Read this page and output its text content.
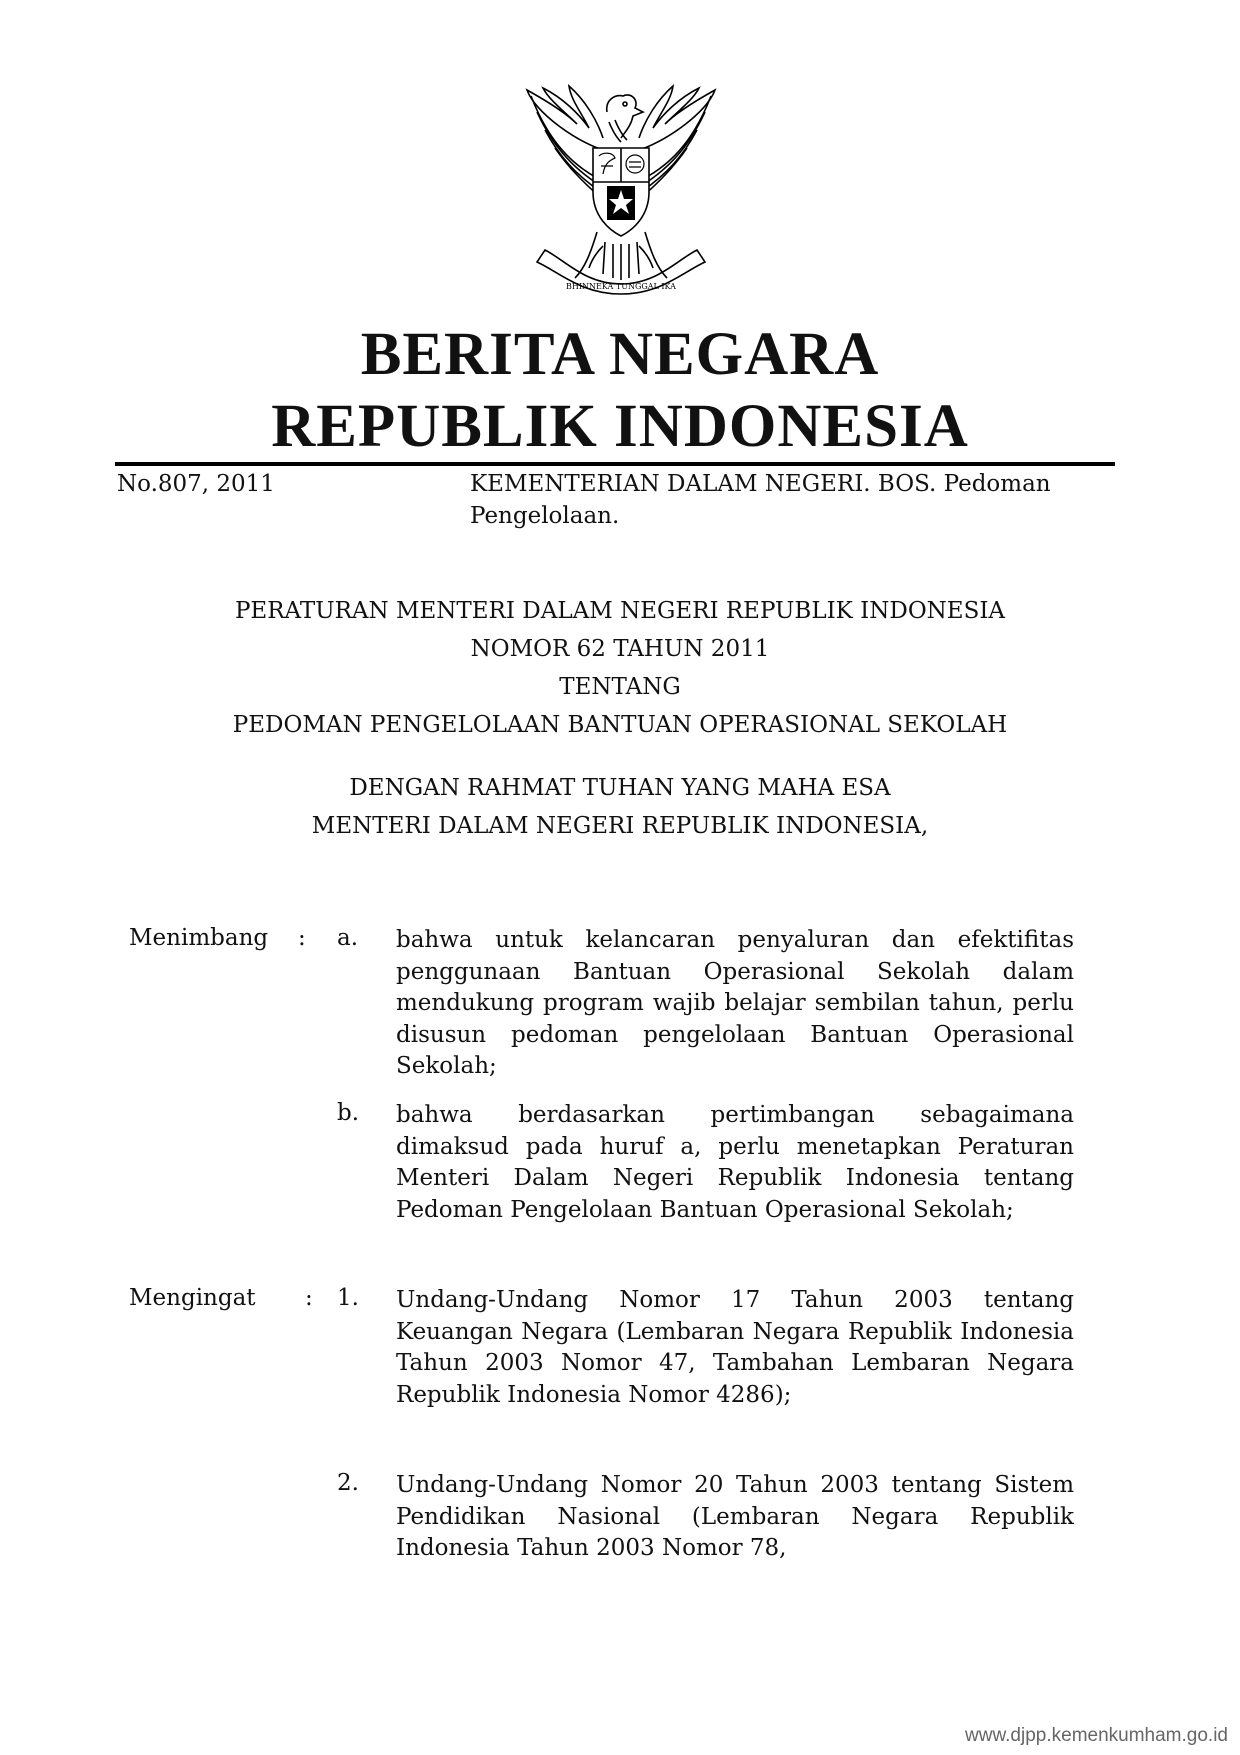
BHINNEKA TUNGGAL IKA
BERITA NEGARA
REPUBLIK INDONESIA
No.807, 2011	KEMENTERIAN DALAM NEGERI. BOS. Pedoman Pengelolaan.
PERATURAN MENTERI DALAM NEGERI REPUBLIK INDONESIA
NOMOR 62 TAHUN 2011
TENTANG
PEDOMAN PENGELOLAAN BANTUAN OPERASIONAL SEKOLAH
DENGAN RAHMAT TUHAN YANG MAHA ESA
MENTERI DALAM NEGERI REPUBLIK INDONESIA,
Menimbang : a. bahwa untuk kelancaran penyaluran dan efektifitas penggunaan Bantuan Operasional Sekolah dalam mendukung program wajib belajar sembilan tahun, perlu disusun pedoman pengelolaan Bantuan Operasional Sekolah;
b. bahwa berdasarkan pertimbangan sebagaimana dimaksud pada huruf a, perlu menetapkan Peraturan Menteri Dalam Negeri Republik Indonesia tentang Pedoman Pengelolaan Bantuan Operasional Sekolah;
Mengingat : 1. Undang-Undang Nomor 17 Tahun 2003 tentang Keuangan Negara (Lembaran Negara Republik Indonesia Tahun 2003 Nomor 47, Tambahan Lembaran Negara Republik Indonesia Nomor 4286);
2. Undang-Undang Nomor 20 Tahun 2003 tentang Sistem Pendidikan Nasional (Lembaran Negara Republik Indonesia Tahun 2003 Nomor 78,
www.djpp.kemenkumham.go.id
